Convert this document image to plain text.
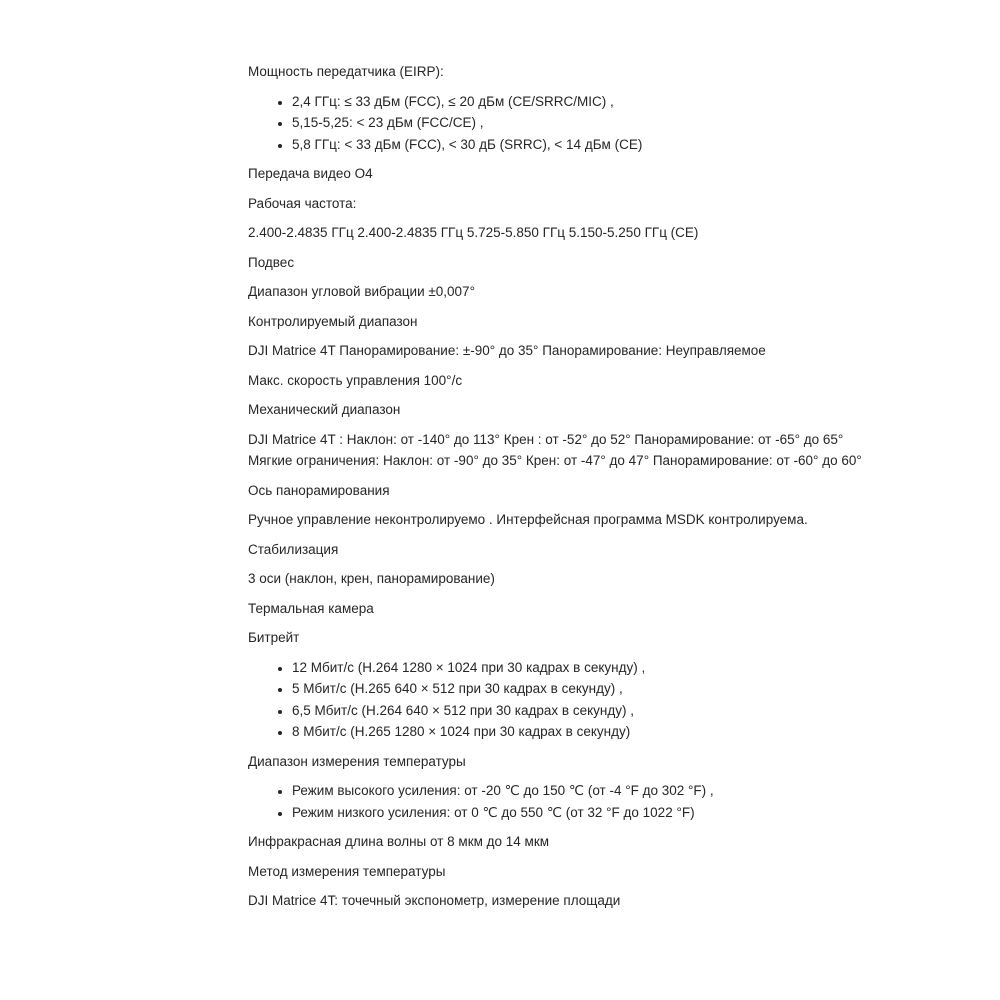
Мощность передатчика (EIRP):

• 2,4 ГГц: ≤ 33 дБм (FCC), ≤ 20 дБм (CE/SRRC/MIC) ,
• 5,15-5,25: < 23 дБм (FCC/CE) ,
• 5,8 ГГц: < 33 дБм (FCC), < 30 дБ (SRRC), < 14 дБм (CE)

Передача видео O4

Рабочая частота:

2.400-2.4835 ГГц 2.400-2.4835 ГГц 5.725-5.850 ГГц 5.150-5.250 ГГц (CE)

Подвес

Диапазон угловой вибрации ±0,007°

Контролируемый диапазон

DJI Matrice 4T Панорамирование: ±-90° до 35° Панорамирование: Неуправляемое

Макс. скорость управления 100°/с

Механический диапазон

DJI Matrice 4T : Наклон: от -140° до 113° Крен : от -52° до 52° Панорамирование: от -65° до 65°
Мягкие ограничения: Наклон: от -90° до 35° Крен: от -47° до 47° Панорамирование: от -60° до 60°

Ось панорамирования

Ручное управление неконтролируемо . Интерфейсная программа MSDK контролируема.

Стабилизация

3 оси (наклон, крен, панорамирование)

Термальная камера

Битрейт

• 12 Мбит/с (H.264 1280 × 1024 при 30 кадрах в секунду) ,
• 5 Мбит/с (H.265 640 × 512 при 30 кадрах в секунду) ,
• 6,5 Мбит/с (H.264 640 × 512 при 30 кадрах в секунду) ,
• 8 Мбит/с (H.265 1280 × 1024 при 30 кадрах в секунду)

Диапазон измерения температуры

• Режим высокого усиления: от -20 ℃ до 150 ℃ (от -4 °F до 302 °F) ,
• Режим низкого усиления: от 0 ℃ до 550 ℃ (от 32 °F до 1022 °F)

Инфракрасная длина волны от 8 мкм до 14 мкм

Метод измерения температуры

DJI Matrice 4T: точечный экспонометр, измерение площади
